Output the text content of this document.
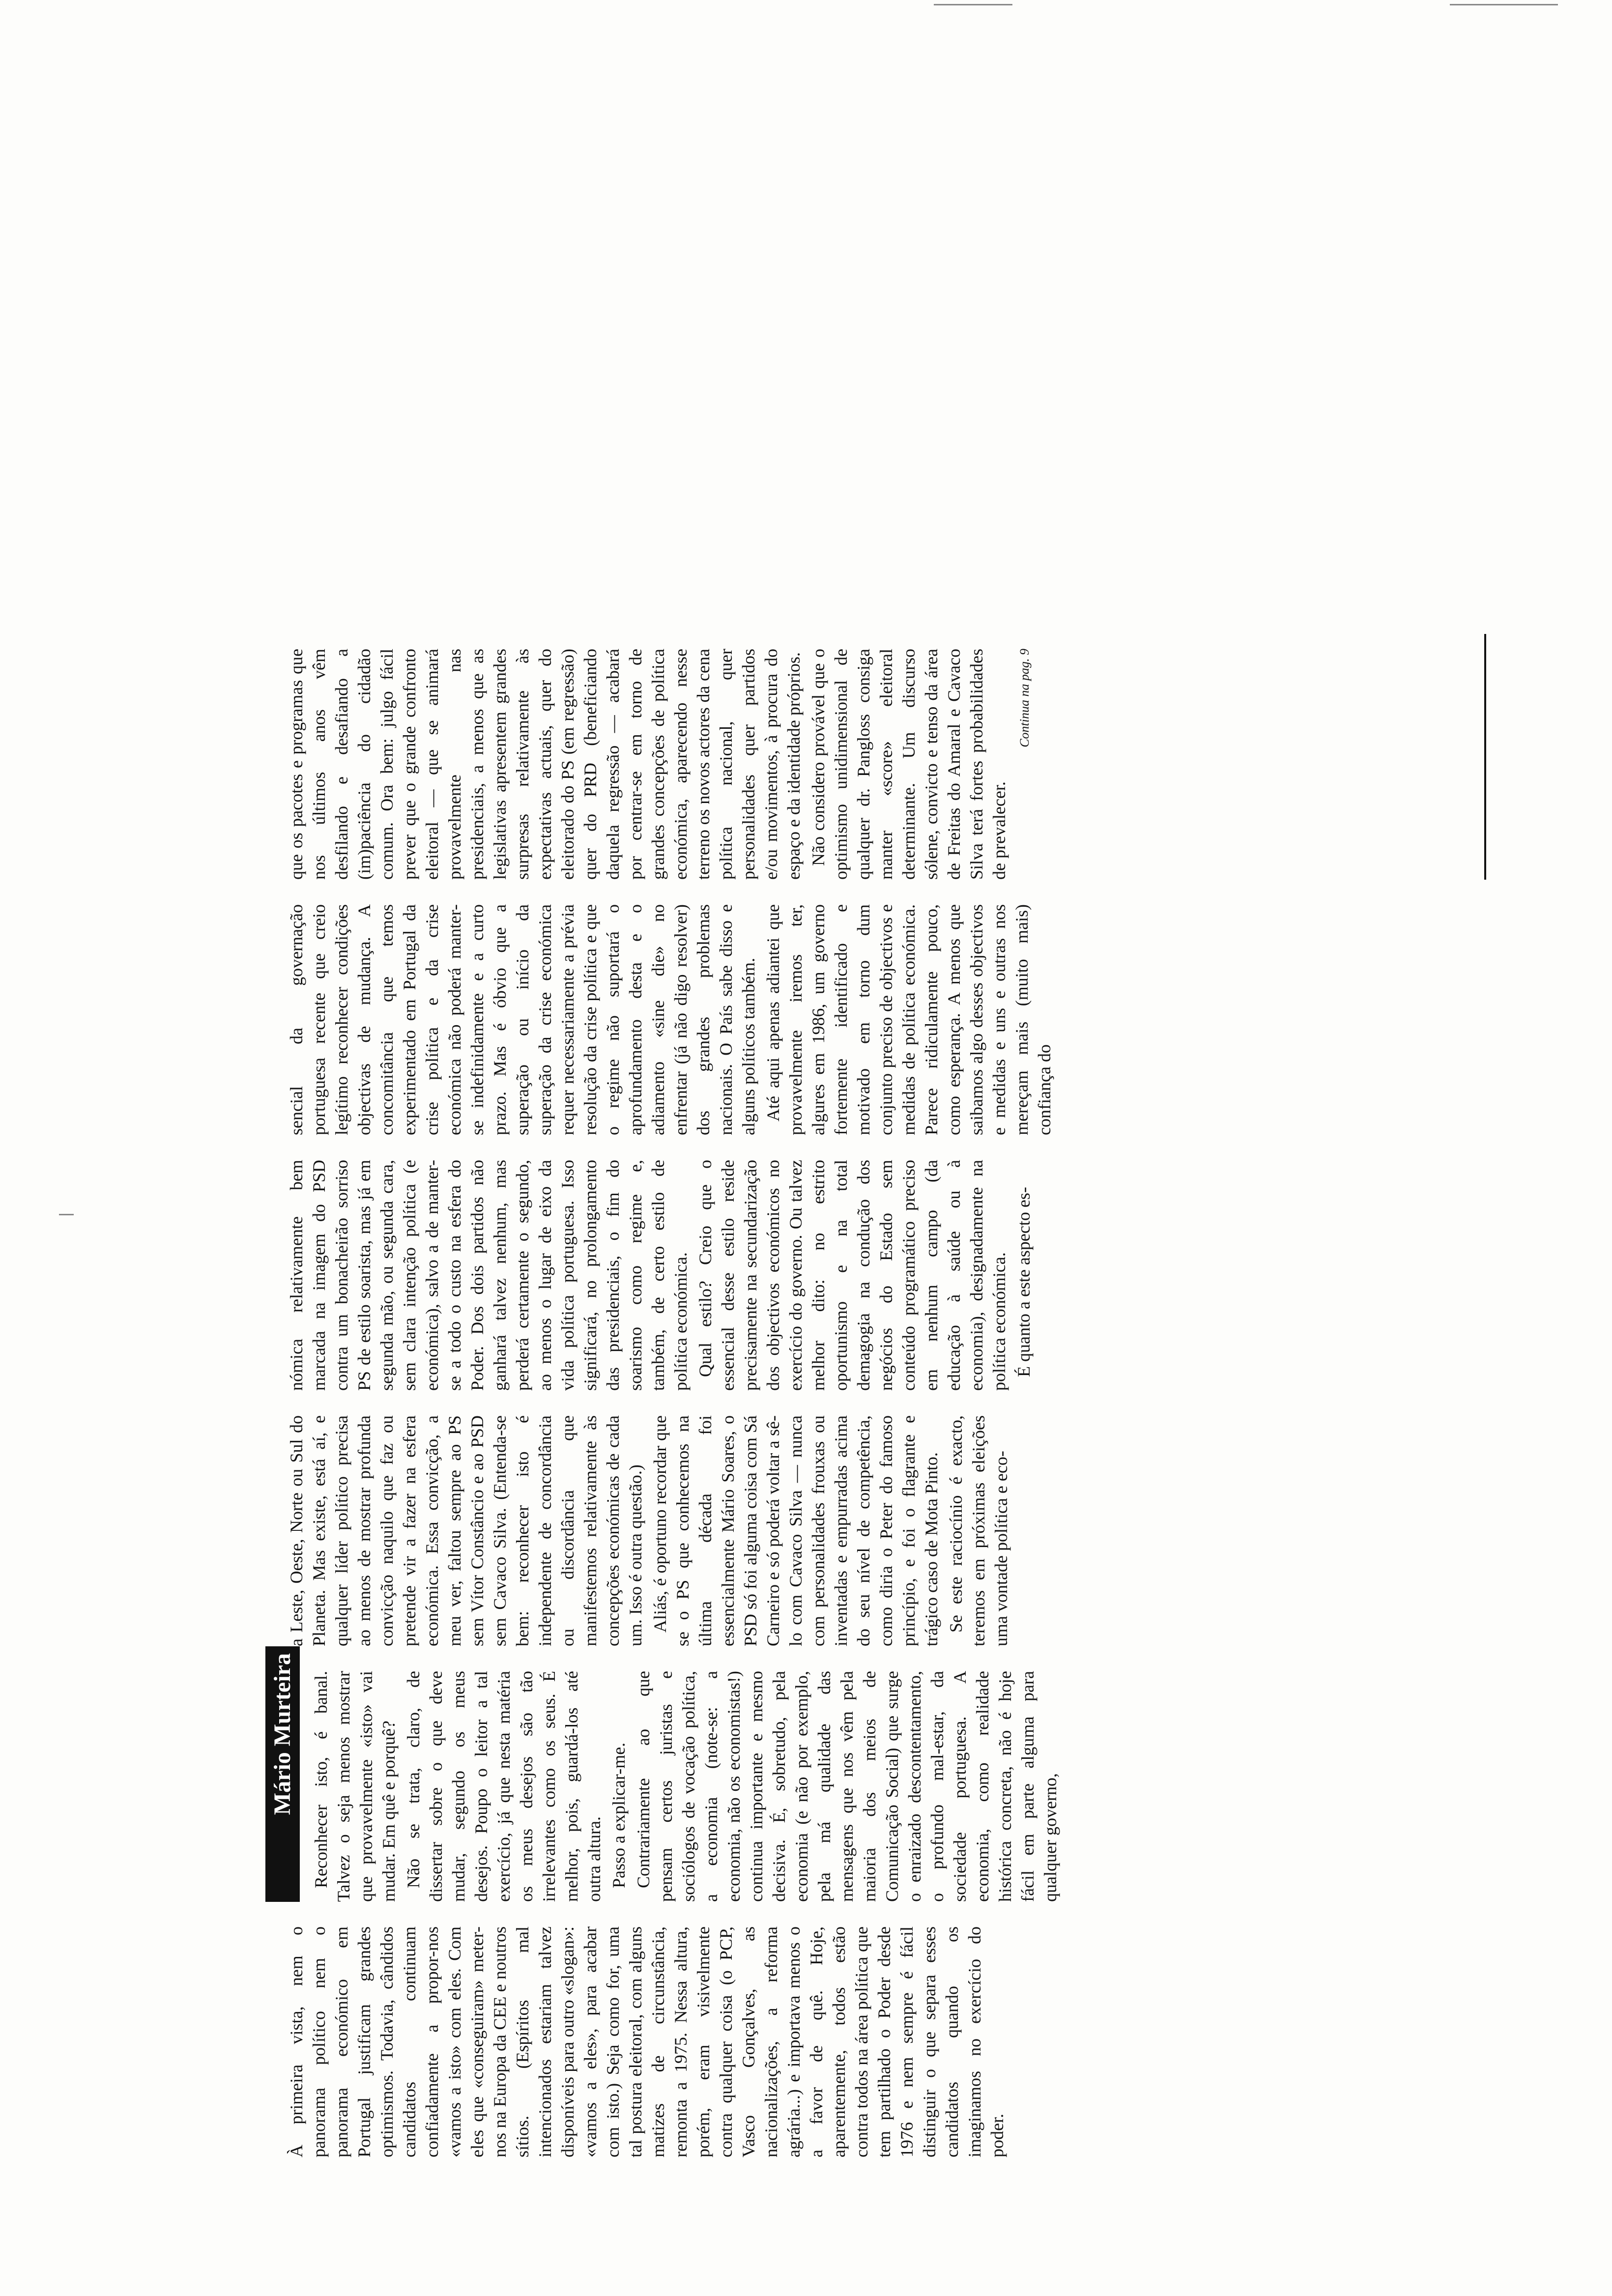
Mário Murteira

À primeira vista, nem o panorama político nem o panorama económico em Portugal justificam grandes optimismos. Todavia, cândidos candidatos continuam confiadamente a propor-nos «vamos a isto» com eles. Com eles que «conseguiram» meter-nos na Europa da CEE e noutros sítios. (Espíritos mal intencionados estariam talvez disponíveis para outro «slogan»: «vamos a eles», para acabar com isto.) Seja como for, uma tal postura eleitoral, com alguns matizes de circunstância, remonta a 1975. Nessa altura, porém, eram visivelmente contra qualquer coisa (o PCP, Vasco Gonçalves, as nacionalizações, a reforma agrária...) e importava menos o a favor de quê. Hoje, aparentemente, todos estão contra todos na área política que tem partilhado o Poder desde 1976 e nem sempre é fácil distinguir o que separa esses candidatos quando os imaginamos no exercício do poder.

Reconhecer isto, é banal. Talvez o seja menos mostrar que provavelmente «isto» vai mudar. Em quê e porquê? Não se trata, claro, de dissertar sobre o que deve mudar, segundo os meus desejos. Poupo o leitor a tal exercício, já que nesta matéria os meus desejos são tão irrelevantes como os seus. É melhor, pois, guardá-los até outra altura. Passo a explicar-me. Contrariamente ao que pensam certos juristas e sociólogos de vocação política, a economia (note-se: a economia, não os economistas!) continua importante e mesmo decisiva. É, sobretudo, pela economia (e não por exemplo, pela má qualidade das mensagens que nos vêm pela maioria dos meios de Comunicação Social) que surge o enraizado descontentamento, o profundo mal-estar, da sociedade portuguesa. A economia, como realidade histórica concreta, não é hoje fácil em parte alguma para qualquer governo,

a Leste, Oeste, Norte ou Sul do Planeta. Mas existe, está aí, e qualquer líder político precisa ao menos de mostrar profunda convicção naquilo que faz ou pretende vir a fazer na esfera económica. Essa convicção, a meu ver, faltou sempre ao PS sem Vítor Constâncio e ao PSD sem Cavaco Silva. (Entenda-se bem: reconhecer isto é independente de concordância ou discordância que manifestemos relativamente às concepções económicas de cada um. Isso é outra questão.) Aliás, é oportuno recordar que se o PS que conhecemos na última década foi essencialmente Mário Soares, o PSD só foi alguma coisa com Sá Carneiro e só poderá voltar a sê-lo com Cavaco Silva — nunca com personalidades frouxas ou inventadas e empurradas acima do seu nível de competência, como diria o Peter do famoso princípio, e foi o flagrante e trágico caso de Mota Pinto. Se este raciocínio é exacto, teremos em próximas eleições uma vontade política e eco-

nómica relativamente bem marcada na imagem do PSD contra um bonacheirão sorriso PS de estilo soarista, mas já em segunda mão, ou segunda cara, sem clara intenção política (e económica), salvo a de manter-se a todo o custo na esfera do Poder. Dos dois partidos não ganhará talvez nenhum, mas perderá certamente o segundo, ao menos o lugar de eixo da vida política portuguesa. Isso significará, no prolongamento das presidenciais, o fim do soarismo como regime e, também, de certo estilo de política económica. Qual estilo? Creio que o essencial desse estilo reside precisamente na secundarização dos objectivos económicos no exercício do governo. Ou talvez melhor dito: no estrito oportunismo e na total demagogia na condução dos negócios do Estado sem conteúdo programático preciso em nenhum campo (da educação à saúde ou à economia), designadamente na política económica. É quanto a este aspecto es-

sencial da governação portuguesa recente que creio legítimo reconhecer condições objectivas de mudança. A concomitância que temos experimentado em Portugal da crise política e da crise económica não poderá manter-se indefinidamente e a curto prazo. Mas é óbvio que a superação ou início da superação da crise económica requer necessariamente a prévia resolução da crise política e que o regime não suportará o aprofundamento desta e o adiamento «sine die» no enfrentar (já não digo resolver) dos grandes problemas nacionais. O País sabe disso e alguns políticos também. Até aqui apenas adiantei que provavelmente iremos ter, algures em 1986, um governo fortemente identificado e motivado em torno dum conjunto preciso de objectivos e medidas de política económica. Parece ridiculamente pouco, como esperança. A menos que saibamos algo desses objectivos e medidas e uns e outras nos mereçam mais (muito mais) confiança do

que os pacotes e programas que nos últimos anos vêm desfilando e desafiando a (im)paciência do cidadão comum. Ora bem: julgo fácil prever que o grande confronto eleitoral — que se animará provavelmente nas presidenciais, a menos que as legislativas apresentem grandes surpresas relativamente às expectativas actuais, quer do eleitorado do PS (em regressão) quer do PRD (beneficiando daquela regressão — acabará por centrar-se em torno de grandes concepções de política económica, aparecendo nesse terreno os novos actores da cena política nacional, quer personalidades quer partidos e/ou movimentos, à procura do espaço e da identidade próprios. Não considero provável que o optimismo unidimensional de qualquer dr. Pangloss consiga manter «score» eleitoral determinante. Um discurso sólene, convicto e tenso da área de Freitas do Amaral e Cavaco Silva terá fortes probabilidades de prevalecer.

Continua na pag. 9
